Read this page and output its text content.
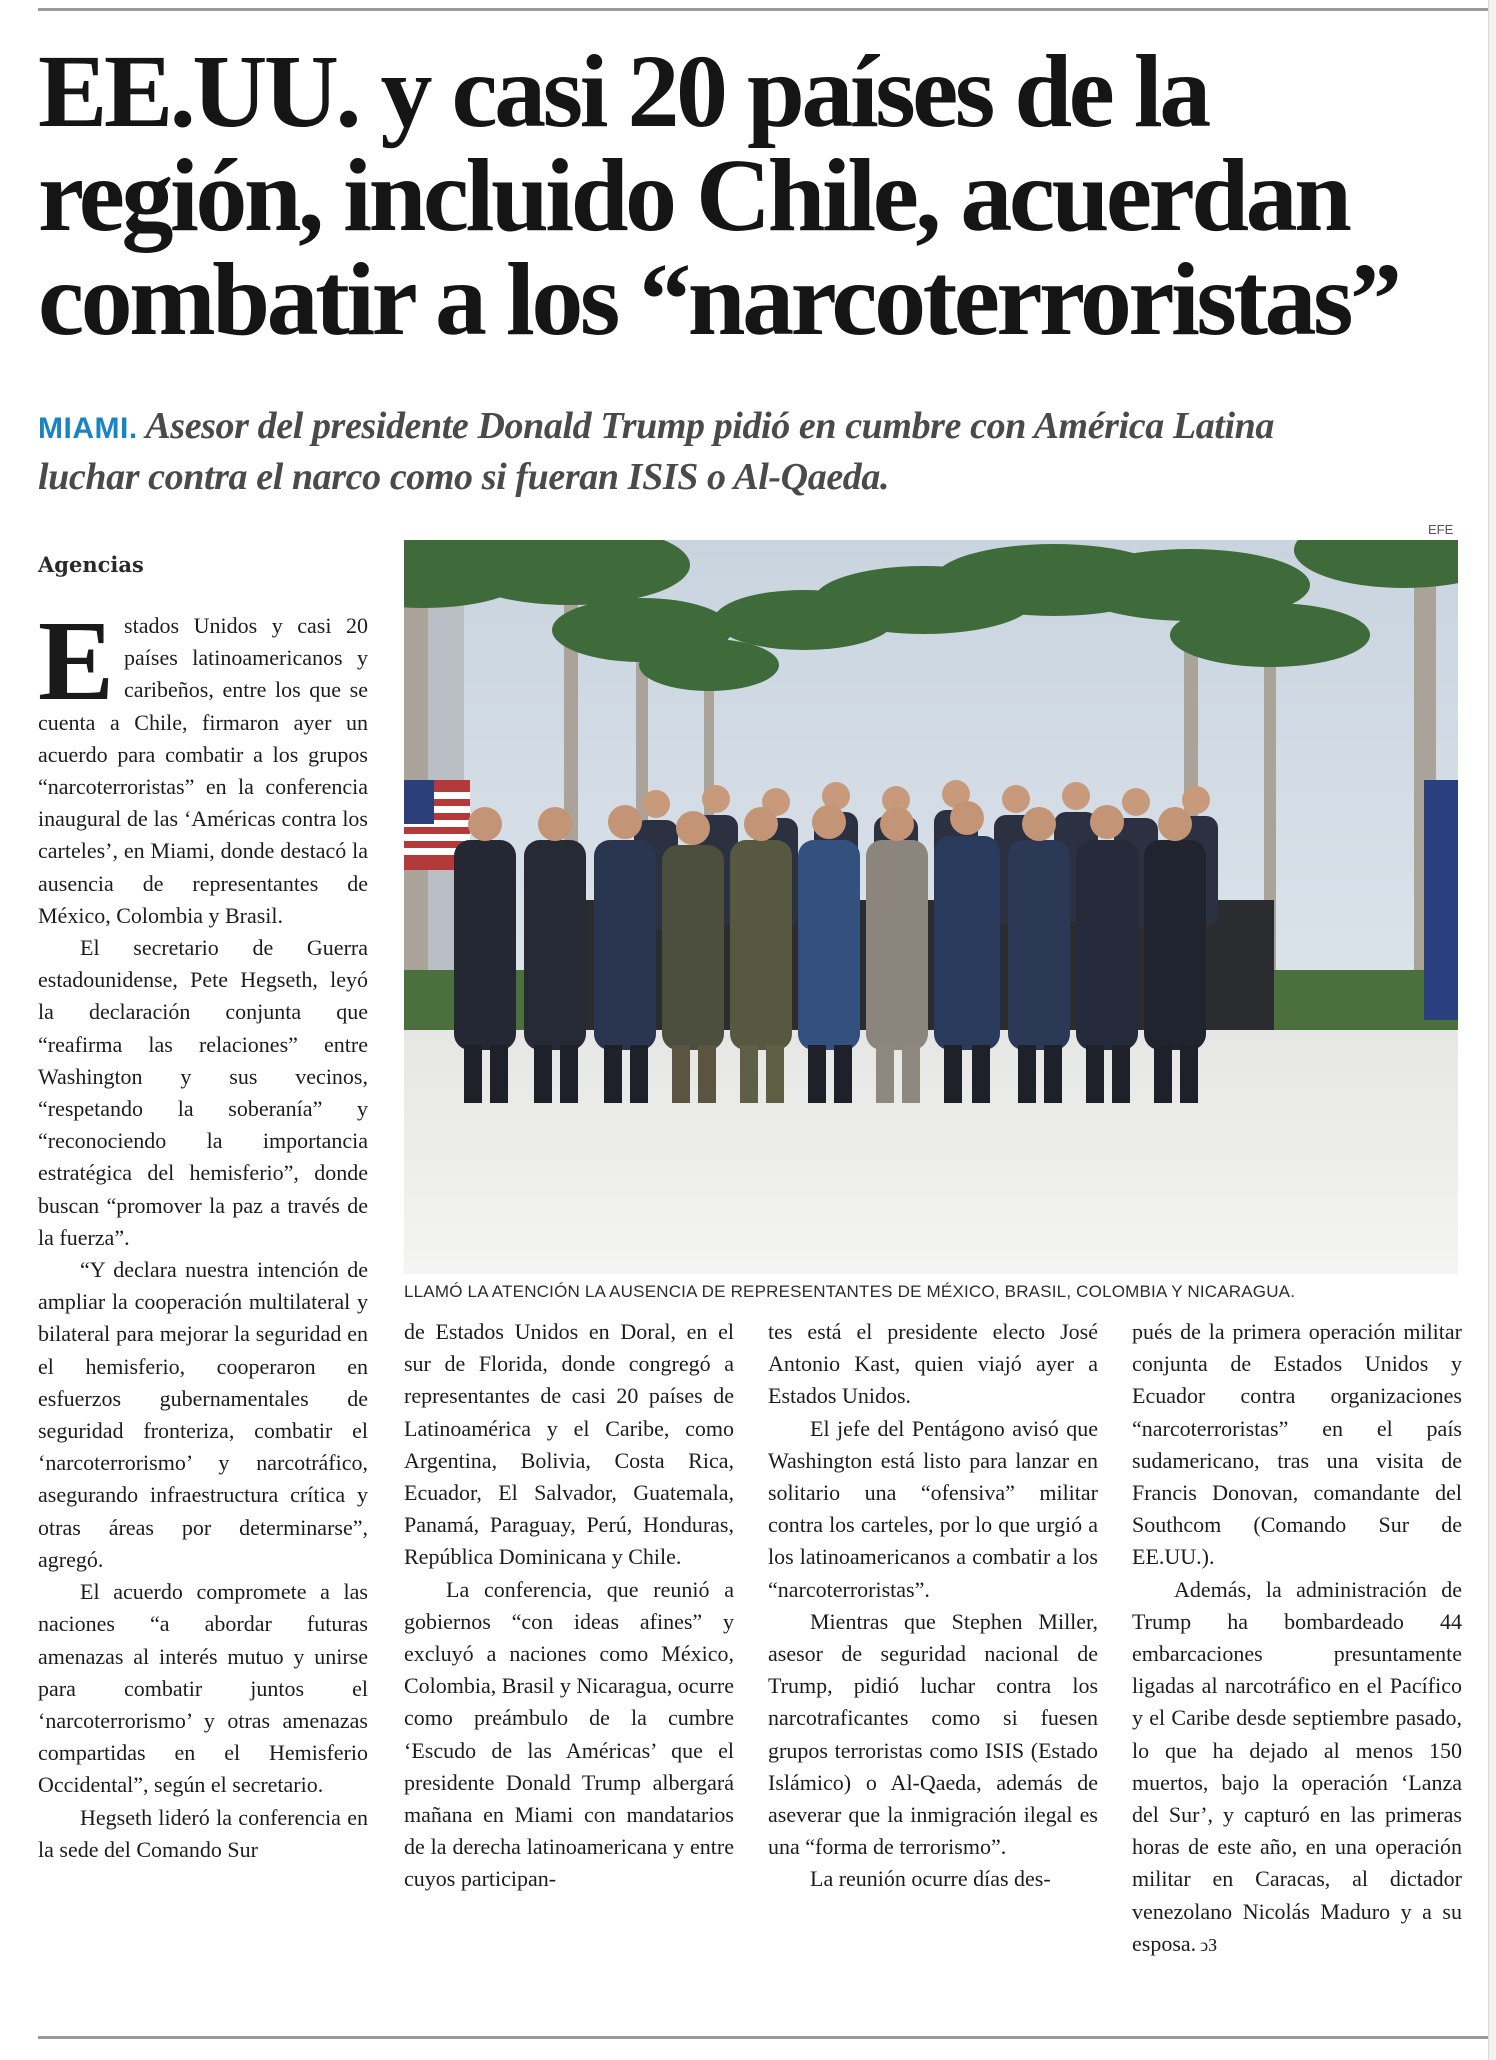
EE.UU. y casi 20 países de la
región, incluido Chile, acuerdan
combatir a los “narcoterroristas”
MIAMI. Asesor del presidente Donald Trump pidió en cumbre con América Latina
luchar contra el narco como si fueran ISIS o Al-Qaeda.
Agencias

Estados Unidos y casi 20 países latinoamericanos y caribeños, entre los que se cuenta a Chile, firmaron ayer un acuerdo para combatir a los grupos “narcoterroristas” en la conferencia inaugural de las ‘Américas contra los carteles’, en Miami, donde destacó la ausencia de representantes de México, Colombia y Brasil.

El secretario de Guerra estadounidense, Pete Hegseth, leyó la declaración conjunta que “reafirma las relaciones” entre Washington y sus vecinos, “respetando la soberanía” y “reconociendo la importancia estratégica del hemisferio”, donde buscan “promover la paz a través de la fuerza”.

“Y declara nuestra intención de ampliar la cooperación multilateral y bilateral para mejorar la seguridad en el hemisferio, cooperaron en esfuerzos gubernamentales de seguridad fronteriza, combatir el ‘narcoterrorismo’ y narcotráfico, asegurando infraestructura crítica y otras áreas por determinarse”, agregó.

El acuerdo compromete a las naciones “a abordar futuras amenazas al interés mutuo y unirse para combatir juntos el ‘narcoterrorismo’ y otras amenazas compartidas en el Hemisferio Occidental”, según el secretario.

Hegseth lideró la conferencia en la sede del Comando Sur

EFE
LLAMÓ LA ATENCIÓN LA AUSENCIA DE REPRESENTANTES DE MÉXICO, BRASIL, COLOMBIA Y NICARAGUA.

de Estados Unidos en Doral, en el sur de Florida, donde congregó a representantes de casi 20 países de Latinoamérica y el Caribe, como Argentina, Bolivia, Costa Rica, Ecuador, El Salvador, Guatemala, Panamá, Paraguay, Perú, Honduras, República Dominicana y Chile.

La conferencia, que reunió a gobiernos “con ideas afines” y excluyó a naciones como México, Colombia, Brasil y Nicaragua, ocurre como preámbulo de la cumbre ‘Escudo de las Américas’ que el presidente Donald Trump albergará mañana en Miami con mandatarios de la derecha latinoamericana y entre cuyos participan-

tes está el presidente electo José Antonio Kast, quien viajó ayer a Estados Unidos.

El jefe del Pentágono avisó que Washington está listo para lanzar en solitario una “ofensiva” militar contra los carteles, por lo que urgió a los latinoamericanos a combatir a los “narcoterroristas”.

Mientras que Stephen Miller, asesor de seguridad nacional de Trump, pidió luchar contra los narcotraficantes como si fuesen grupos terroristas como ISIS (Estado Islámico) o Al-Qaeda, además de aseverar que la inmigración ilegal es una “forma de terrorismo”.

La reunión ocurre días des-

pués de la primera operación militar conjunta de Estados Unidos y Ecuador contra organizaciones “narcoterroristas” en el país sudamericano, tras una visita de Francis Donovan, comandante del Southcom (Comando Sur de EE.UU.).

Además, la administración de Trump ha bombardeado 44 embarcaciones presuntamente ligadas al narcotráfico en el Pacífico y el Caribe desde septiembre pasado, lo que ha dejado al menos 150 muertos, bajo la operación ‘Lanza del Sur’, y capturó en las primeras horas de este año, en una operación militar en Caracas, al dictador venezolano Nicolás Maduro y a su esposa. ↄЗ
